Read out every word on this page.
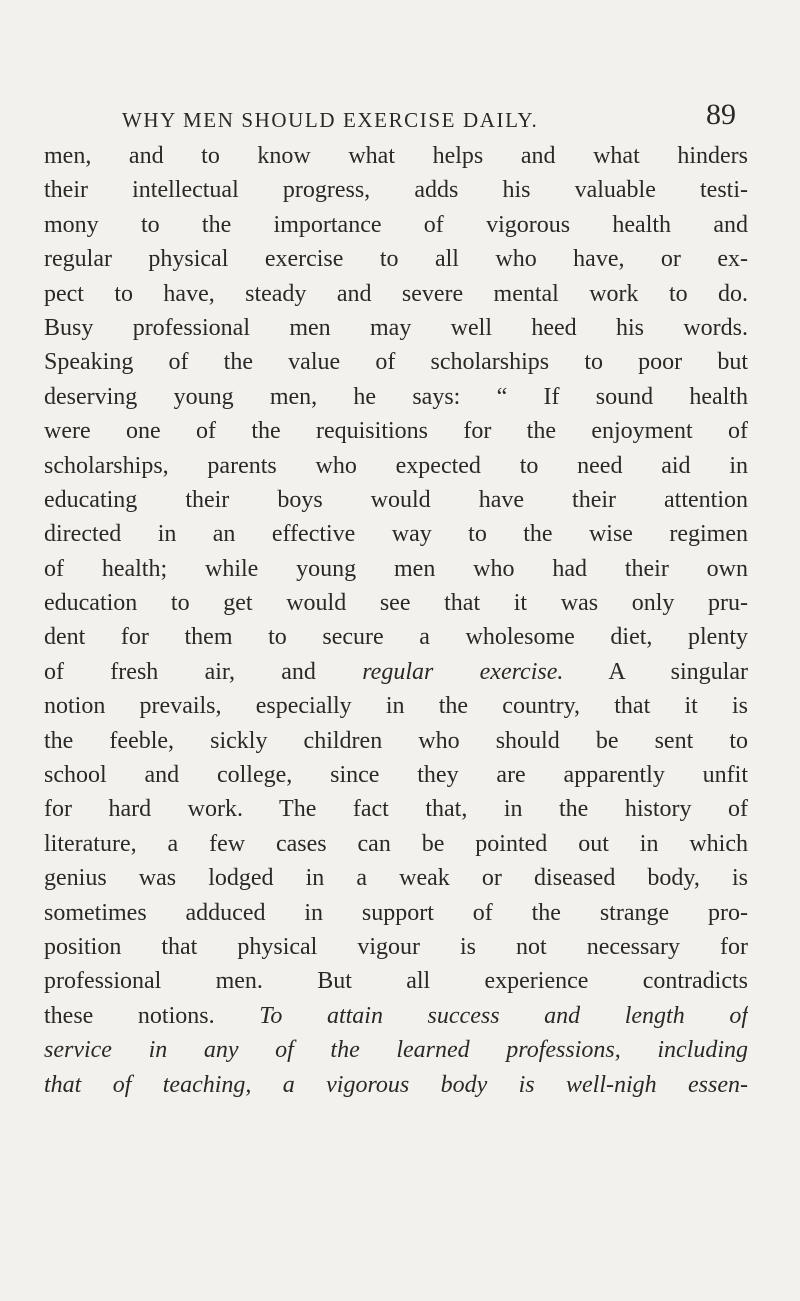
WHY MEN SHOULD EXERCISE DAILY.	89
men, and to know what helps and what hinders
their intellectual progress, adds his valuable testi-
mony to the importance of vigorous health and
regular physical exercise to all who have, or ex-
pect to have, steady and severe mental work to do.
Busy professional men may well heed his words.
Speaking of the value of scholarships to poor but
deserving young men, he says: “ If sound health
were one of the requisitions for the enjoyment of
scholarships, parents who expected to need aid in
educating their boys would have their attention
directed in an effective way to the wise regimen
of health; while young men who had their own
education to get would see that it was only pru-
dent for them to secure a wholesome diet, plenty
of fresh air, and regular exercise. A singular
notion prevails, especially in the country, that it is
the feeble, sickly children who should be sent to
school and college, since they are apparently unfit
for hard work. The fact that, in the history of
literature, a few cases can be pointed out in which
genius was lodged in a weak or diseased body, is
sometimes adduced in support of the strange pro-
position that physical vigour is not necessary for
professional men. But all experience contradicts
these notions. To attain success and length of
service in any of the learned professions, including
that of teaching, a vigorous body is well-nigh essen-
